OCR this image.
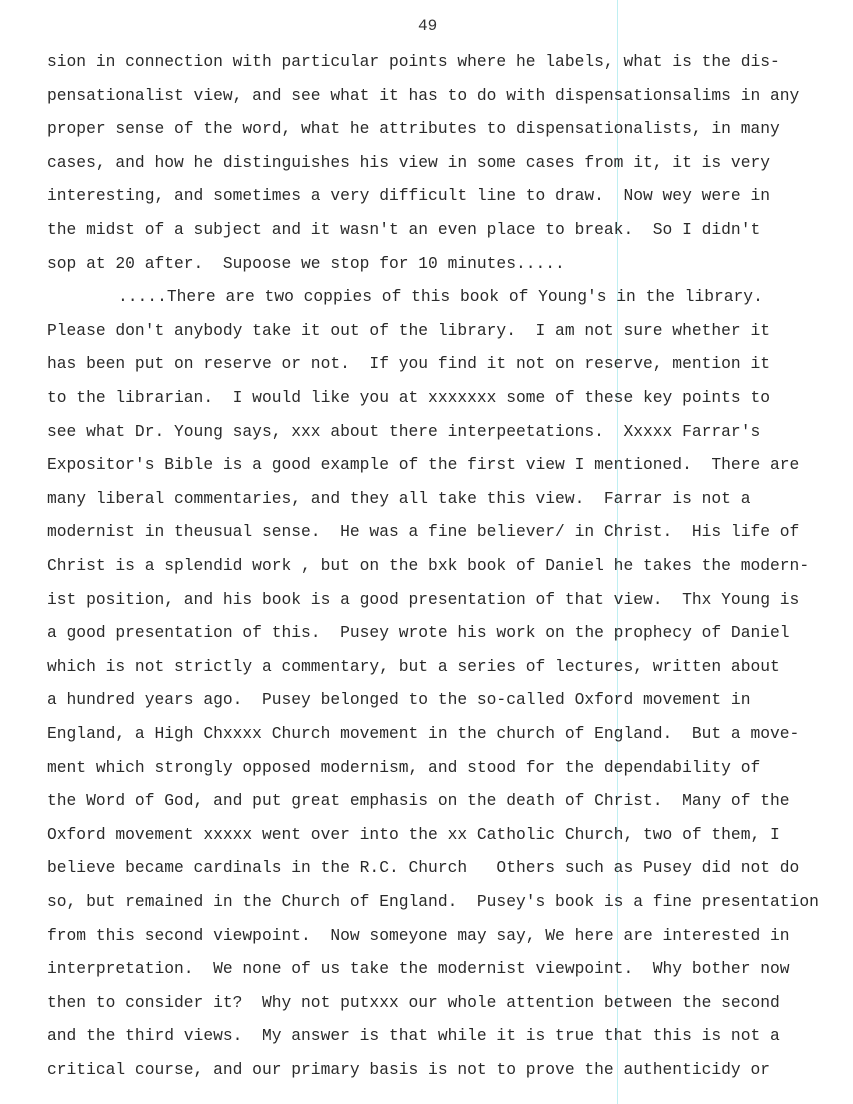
49
sion in connection with particular points where he labels, what is the dis-
pensationalist view, and see what it has to do with dispensationsalims in any
proper sense of the word, what he attributes to dispensationalists, in many
cases, and how he distinguishes his view in some cases from it, it is very
interesting, and sometimes a very difficult line to draw.  Now wey were in
the midst of a subject and it wasn't an even place to break.  So I didn't
sop at 20 after.  Supoose we stop for 10 minutes.....
.....There are two coppies of this book of Young's in the library.
Please don't anybody take it out of the library.  I am not sure whether it
has been put on reserve or not.  If you find it not on reserve, mention it
to the librarian.  I would like you at xxxxxxx some of these key points to
see what Dr. Young says, xxx about there interpeetations.  Xxxxx Farrar's
Expositor's Bible is a good example of the first view I mentioned.  There are
many liberal commentaries, and they all take this view.  Farrar is not a
modernist in theusual sense.  He was a fine believer/ in Christ.  His life of
Christ is a splendid work , but on the bxk book of Daniel he takes the modern-
ist position, and his book is a good presentation of that view.  Thx Young is
a good presentation of this.  Pusey wrote his work on the prophecy of Daniel
which is not strictly a commentary, but a series of lectures, written about
a hundred years ago.  Pusey belonged to the so-called Oxford movement in
England, a High Chxxxx Church movement in the church of England.  But a move-
ment which strongly opposed modernism, and stood for the dependability of
the Word of God, and put great emphasis on the death of Christ.  Many of the
Oxford movement xxxxx went over into the xx Catholic Church, two of them, I
believe became cardinals in the R.C. Church   Others such as Pusey did not do
so, but remained in the Church of England.  Pusey's book is a fine presentation
from this second viewpoint.  Now someyone may say, We here are interested in
interpretation.  We none of us take the modernist viewpoint.  Why bother now
then to consider it?  Why not putxxx our whole attention between the second
and the third views.  My answer is that while it is true that this is not a
critical course, and our primary basis is not to prove the authenticidy or
